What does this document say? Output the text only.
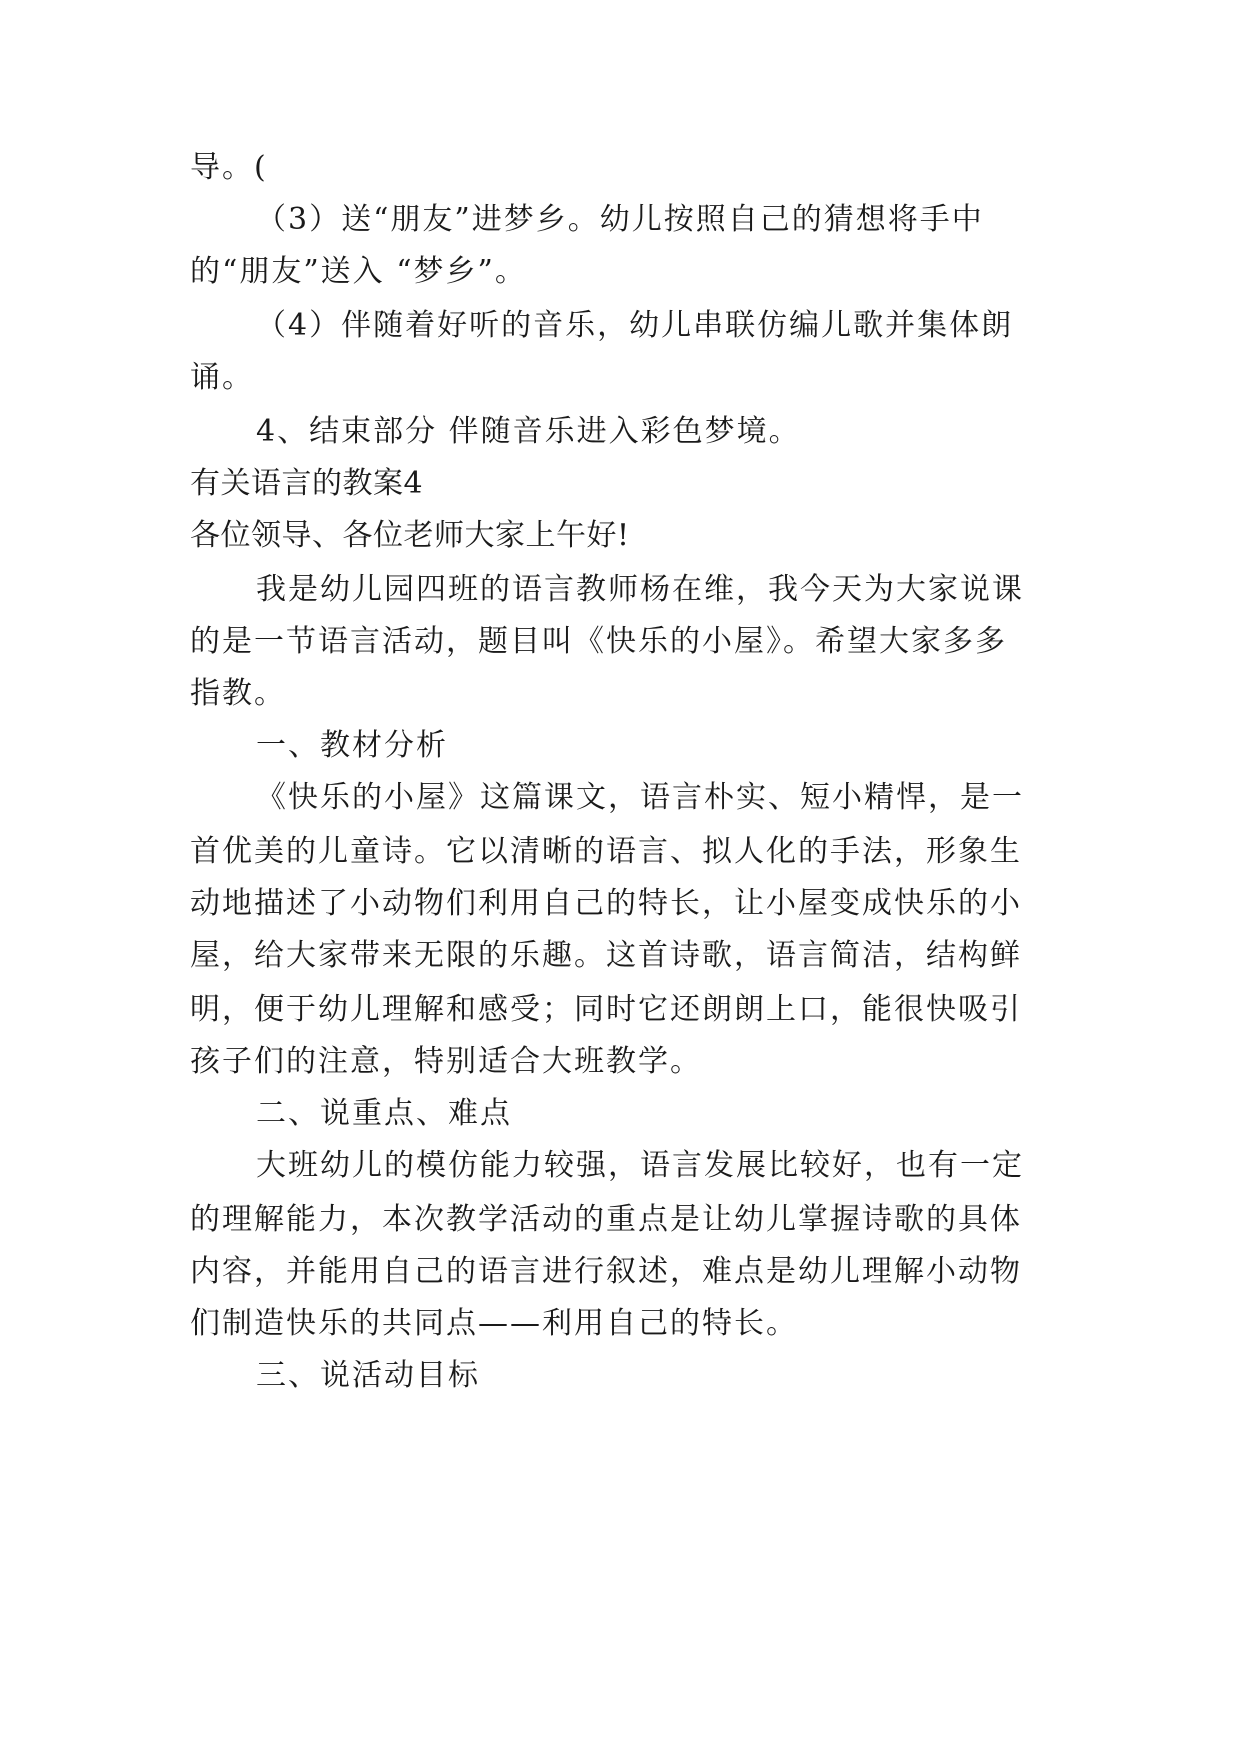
导。(
（3）送“朋友”进梦乡。幼儿按照自己的猜想将手中
的“朋友”送入 “梦乡”。
（4）伴随着好听的音乐，幼儿串联仿编儿歌并集体朗
诵。
4、结束部分 伴随音乐进入彩色梦境。
有关语言的教案4
各位领导、各位老师大家上午好!
我是幼儿园四班的语言教师杨在维，我今天为大家说课
的是一节语言活动，题目叫《快乐的小屋》。希望大家多多
指教。
一、教材分析
《快乐的小屋》这篇课文，语言朴实、短小精悍，是一
首优美的儿童诗。它以清晰的语言、拟人化的手法，形象生
动地描述了小动物们利用自己的特长，让小屋变成快乐的小
屋，给大家带来无限的乐趣。这首诗歌，语言简洁，结构鲜
明，便于幼儿理解和感受；同时它还朗朗上口，能很快吸引
孩子们的注意，特别适合大班教学。
二、说重点、难点
大班幼儿的模仿能力较强，语言发展比较好，也有一定
的理解能力，本次教学活动的重点是让幼儿掌握诗歌的具体
内容，并能用自己的语言进行叙述，难点是幼儿理解小动物
们制造快乐的共同点——利用自己的特长。
三、说活动目标
